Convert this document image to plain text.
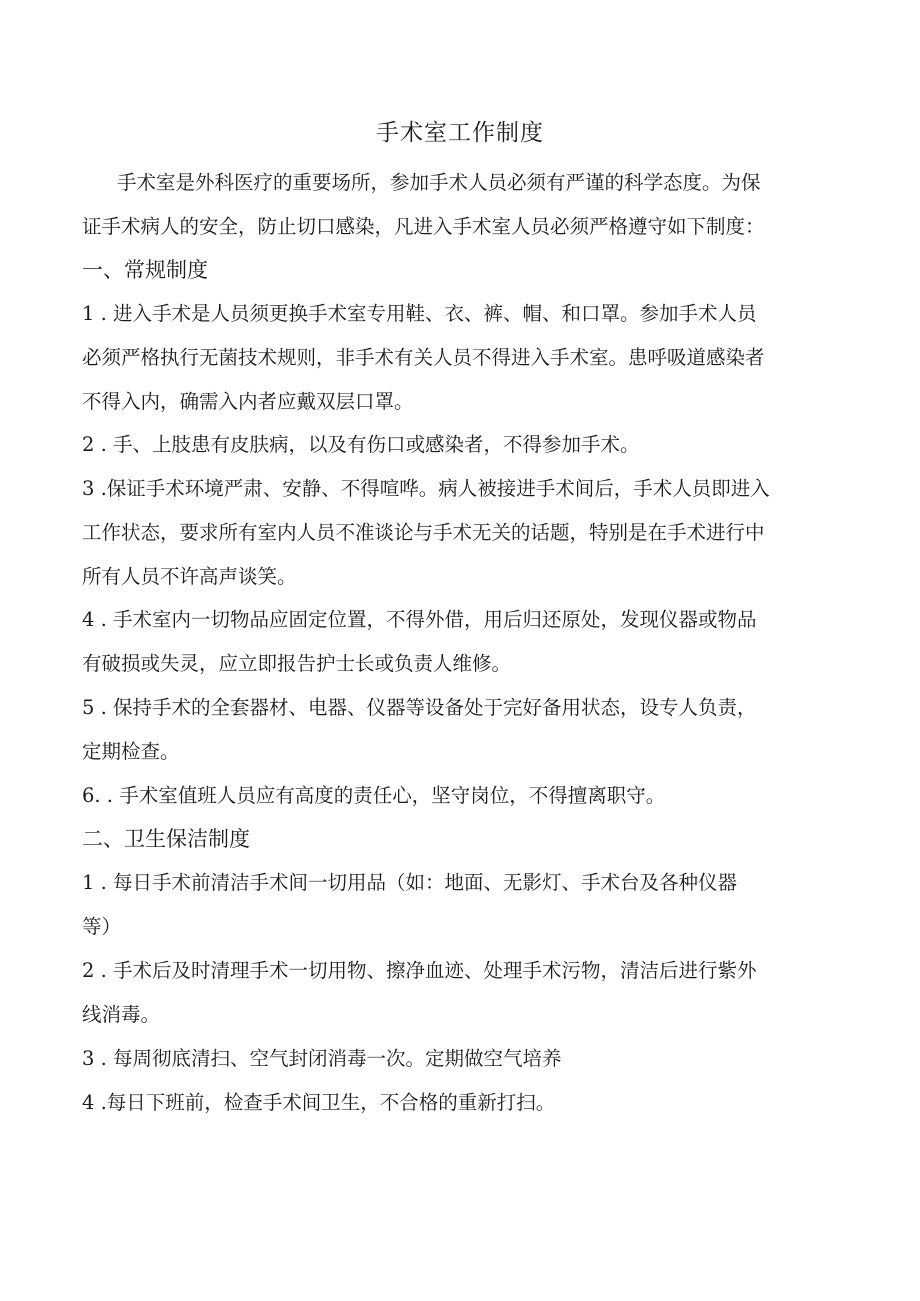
手术室工作制度
手术室是外科医疗的重要场所，参加手术人员必须有严谨的科学态度。为保
证手术病人的安全，防止切口感染，凡进入手术室人员必须严格遵守如下制度：
一、常规制度
1 . 进入手术是人员须更换手术室专用鞋、衣、裤、帽、和口罩。参加手术人员
必须严格执行无菌技术规则，非手术有关人员不得进入手术室。患呼吸道感染者
不得入内，确需入内者应戴双层口罩。
2 . 手、上肢患有皮肤病，以及有伤口或感染者，不得参加手术。
3 .保证手术环境严肃、安静、不得喧哗。病人被接进手术间后，手术人员即进入
工作状态，要求所有室内人员不准谈论与手术无关的话题，特别是在手术进行中
所有人员不许高声谈笑。
4 . 手术室内一切物品应固定位置，不得外借，用后归还原处，发现仪器或物品
有破损或失灵，应立即报告护士长或负责人维修。
5 . 保持手术的全套器材、电器、仪器等设备处于完好备用状态，设专人负责，
定期检查。
6. . 手术室值班人员应有高度的责任心，坚守岗位，不得擅离职守。
二、卫生保洁制度
1 . 每日手术前清洁手术间一切用品（如：地面、无影灯、手术台及各种仪器
等）
2 . 手术后及时清理手术一切用物、擦净血迹、处理手术污物，清洁后进行紫外
线消毒。
3 . 每周彻底清扫、空气封闭消毒一次。定期做空气培养
4 .每日下班前，检查手术间卫生，不合格的重新打扫。
